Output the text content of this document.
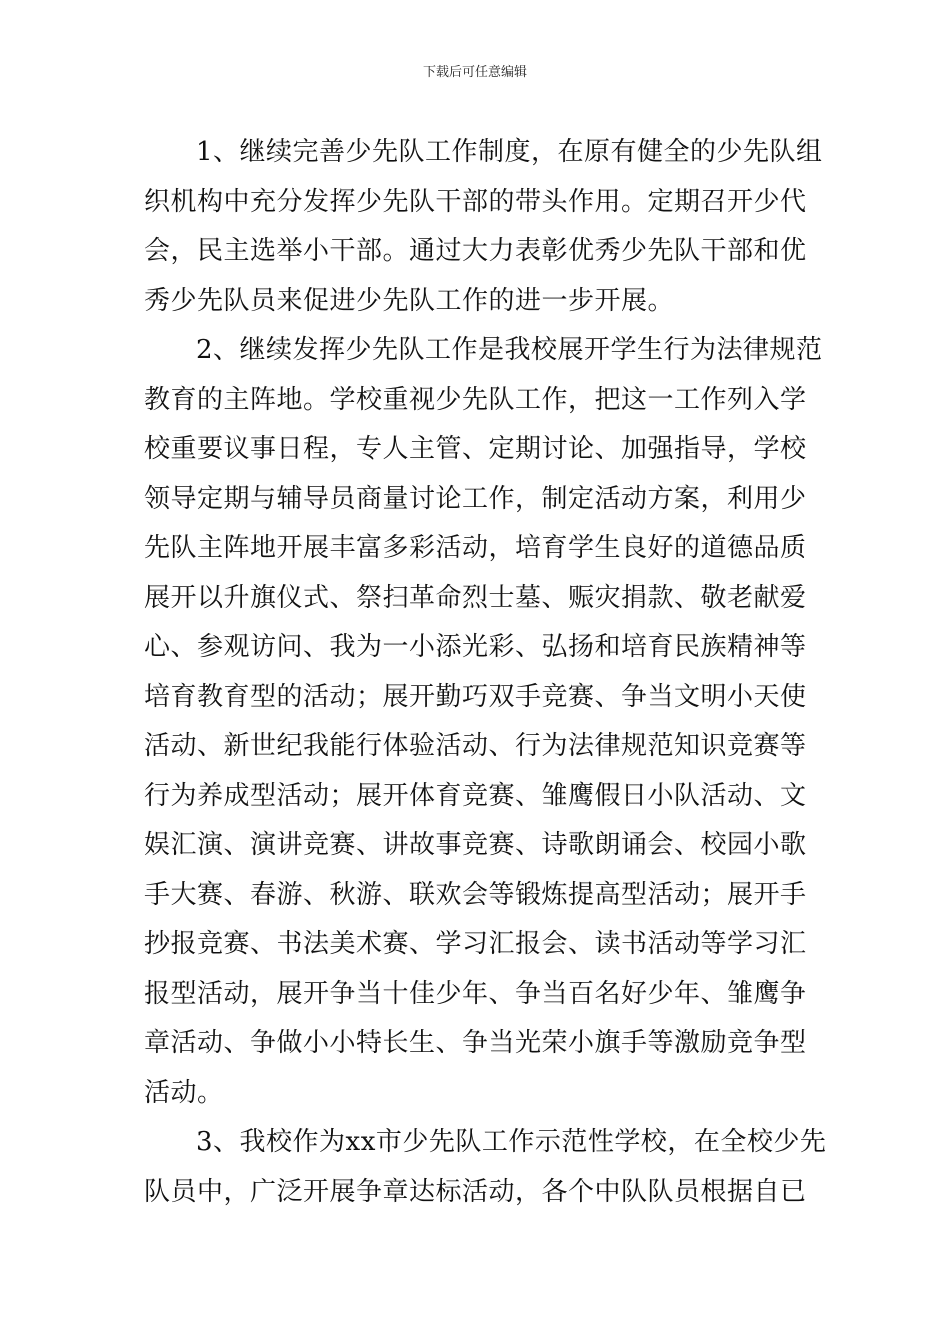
下载后可任意编辑
1、继续完善少先队工作制度，在原有健全的少先队组
织机构中充分发挥少先队干部的带头作用。定期召开少代
会，民主选举小干部。通过大力表彰优秀少先队干部和优
秀少先队员来促进少先队工作的进一步开展。
2、继续发挥少先队工作是我校展开学生行为法律规范
教育的主阵地。学校重视少先队工作，把这一工作列入学
校重要议事日程，专人主管、定期讨论、加强指导，学校
领导定期与辅导员商量讨论工作，制定活动方案，利用少
先队主阵地开展丰富多彩活动，培育学生良好的道德品质
展开以升旗仪式、祭扫革命烈士墓、赈灾捐款、敬老献爱
心、参观访问、我为一小添光彩、弘扬和培育民族精神等
培育教育型的活动；展开勤巧双手竞赛、争当文明小天使
活动、新世纪我能行体验活动、行为法律规范知识竞赛等
行为养成型活动；展开体育竞赛、雏鹰假日小队活动、文
娱汇演、演讲竞赛、讲故事竞赛、诗歌朗诵会、校园小歌
手大赛、春游、秋游、联欢会等锻炼提高型活动；展开手
抄报竞赛、书法美术赛、学习汇报会、读书活动等学习汇
报型活动，展开争当十佳少年、争当百名好少年、雏鹰争
章活动、争做小小特长生、争当光荣小旗手等激励竞争型
活动。
3、我校作为xx市少先队工作示范性学校，在全校少先
队员中，广泛开展争章达标活动，各个中队队员根据自已
